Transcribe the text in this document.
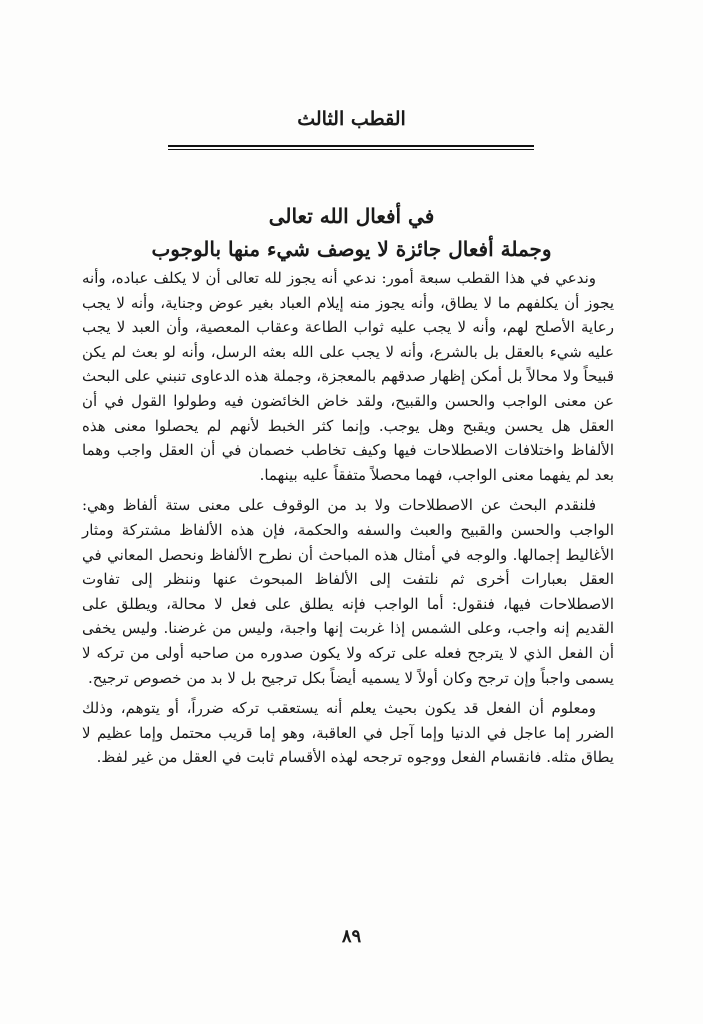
القطب الثالث
في أفعال الله تعالى
وجملة أفعال جائزة لا يوصف شيء منها بالوجوب

وندعي في هذا القطب سبعة أمور: ندعي أنه يجوز لله تعالى أن لا يكلف عباده، وأنه يجوز أن يكلفهم ما لا يطاق، وأنه يجوز منه إيلام العباد بغير عوض وجناية، وأنه لا يجب رعاية الأصلح لهم، وأنه لا يجب عليه ثواب الطاعة وعقاب المعصية، وأن العبد لا يجب عليه شيء بالعقل بل بالشرع، وأنه لا يجب على الله بعثه الرسل، وأنه لو بعث لم يكن قبيحاً ولا محالاً بل أمكن إظهار صدقهم بالمعجزة، وجملة هذه الدعاوى تنبني على البحث عن معنى الواجب والحسن والقبيح، ولقد خاض الخائضون فيه وطولوا القول في أن العقل هل يحسن ويقبح وهل يوجب. وإنما كثر الخبط لأنهم لم يحصلوا معنى هذه الألفاظ واختلافات الاصطلاحات فيها وكيف تخاطب خصمان في أن العقل واجب وهما بعد لم يفهما معنى الواجب، فهما محصلاً متفقاً عليه بينهما.

فلنقدم البحث عن الاصطلاحات ولا بد من الوقوف على معنى ستة ألفاظ وهي: الواجب والحسن والقبيح والعبث والسفه والحكمة، فإن هذه الألفاظ مشتركة ومثار الأغاليط إجمالها. والوجه في أمثال هذه المباحث أن نطرح الألفاظ ونحصل المعاني في العقل بعبارات أخرى ثم نلتفت إلى الألفاظ المبحوث عنها وننظر إلى تفاوت الاصطلاحات فيها، فنقول: أما الواجب فإنه يطلق على فعل لا محالة، ويطلق على القديم إنه واجب، وعلى الشمس إذا غربت إنها واجبة، وليس من غرضنا. وليس يخفى أن الفعل الذي لا يترجح فعله على تركه ولا يكون صدوره من صاحبه أولى من تركه لا يسمى واجباً وإن ترجح وكان أولاً لا يسميه أيضاً بكل ترجيح بل لا بد من خصوص ترجيح.

ومعلوم أن الفعل قد يكون بحيث يعلم أنه يستعقب تركه ضرراً، أو يتوهم، وذلك الضرر إما عاجل في الدنيا وإما آجل في العاقبة، وهو إما قريب محتمل وإما عظيم لا يطاق مثله. فانقسام الفعل ووجوه ترجحه لهذه الأقسام ثابت في العقل من غير لفظ.

٨٩
